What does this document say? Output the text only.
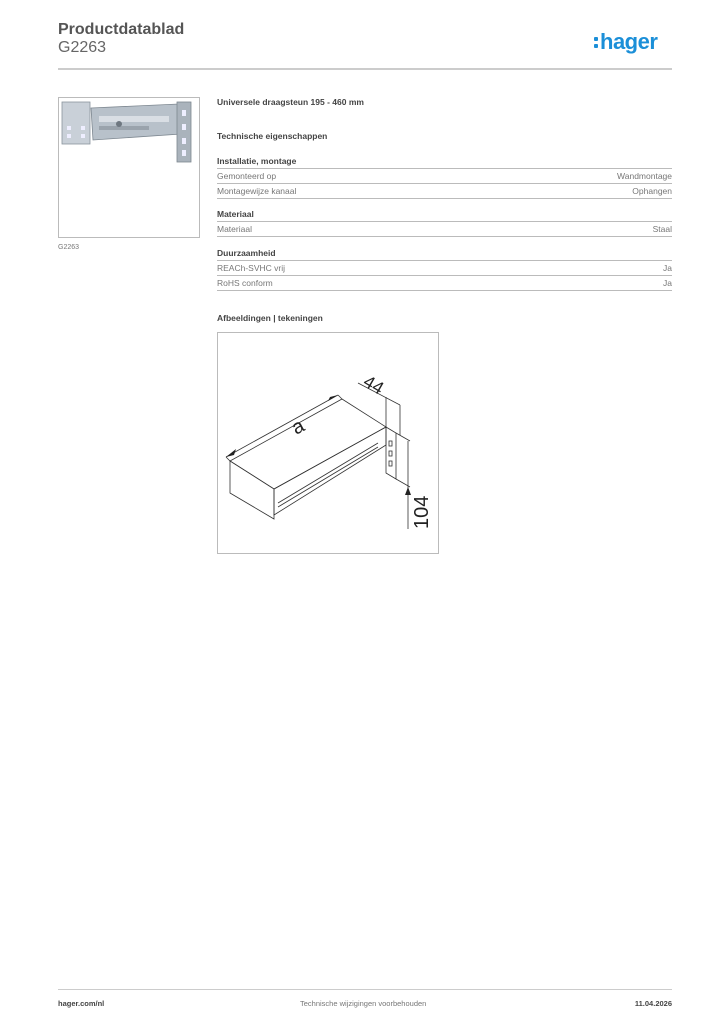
Productdatablad
G2263	hager
G2263
Universele draagsteun 195 - 460 mm
Technische eigenschappen
Installatie, montage
Gemonteerd op	Wandmontage
Montagewijze kanaal	Ophangen
Materiaal
Materiaal	Staal
Duurzaamheid
REACh-SVHC vrij	Ja
RoHS conform	Ja
Afbeeldingen | tekeningen
a
44
104
hager.com/nl	Technische wijzigingen voorbehouden	11.04.2026
